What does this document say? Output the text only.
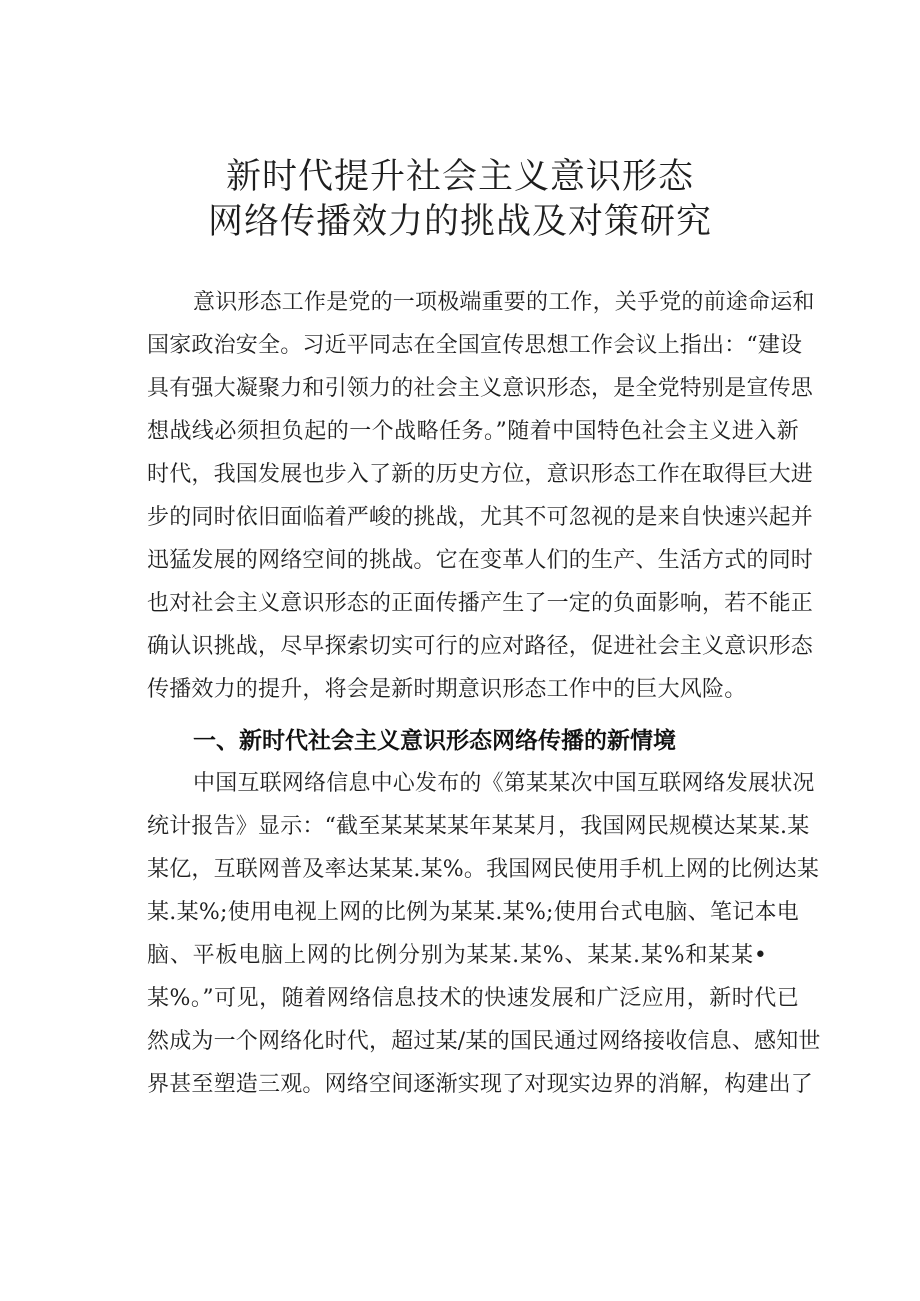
新时代提升社会主义意识形态
网络传播效力的挑战及对策研究
意识形态工作是党的一项极端重要的工作，关乎党的前途命运和
国家政治安全。习近平同志在全国宣传思想工作会议上指出：“建设
具有强大凝聚力和引领力的社会主义意识形态，是全党特别是宣传思
想战线必须担负起的一个战略任务。”随着中国特色社会主义进入新
时代，我国发展也步入了新的历史方位，意识形态工作在取得巨大进
步的同时依旧面临着严峻的挑战，尤其不可忽视的是来自快速兴起并
迅猛发展的网络空间的挑战。它在变革人们的生产、生活方式的同时
也对社会主义意识形态的正面传播产生了一定的负面影响，若不能正
确认识挑战，尽早探索切实可行的应对路径，促进社会主义意识形态
传播效力的提升，将会是新时期意识形态工作中的巨大风险。
一、新时代社会主义意识形态网络传播的新情境
中国互联网络信息中心发布的《第某某次中国互联网络发展状况
统计报告》显示：“截至某某某某年某某月，我国网民规模达某某.某
某亿，互联网普及率达某某.某%。我国网民使用手机上网的比例达某
某.某%;使用电视上网的比例为某某.某%;使用台式电脑、笔记本电
脑、平板电脑上网的比例分别为某某.某%、某某.某%和某某•
某%。”可见，随着网络信息技术的快速发展和广泛应用，新时代已
然成为一个网络化时代，超过某/某的国民通过网络接收信息、感知世
界甚至塑造三观。网络空间逐渐实现了对现实边界的消解，构建出了
